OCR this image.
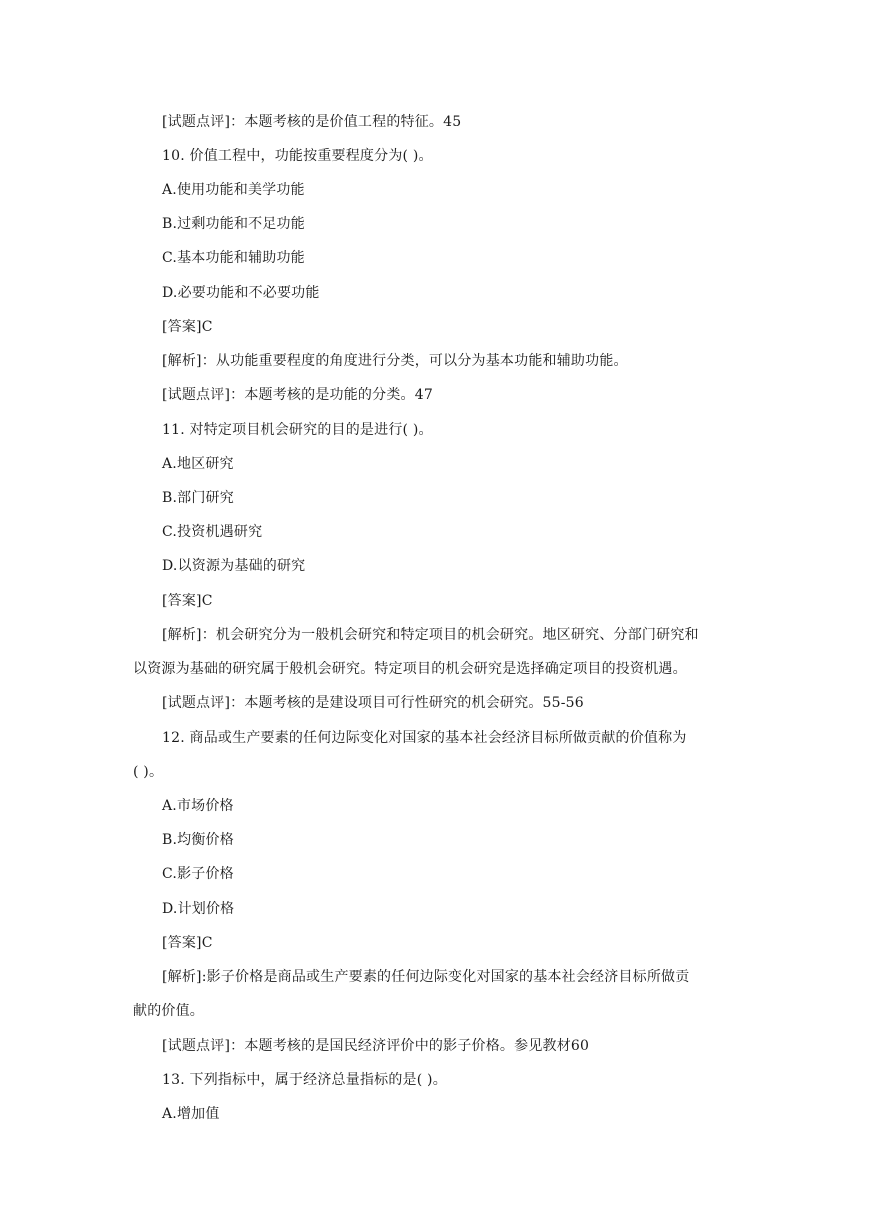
[试题点评]：本题考核的是价值工程的特征。45
10. 价值工程中，功能按重要程度分为( )。
A.使用功能和美学功能
B.过剩功能和不足功能
C.基本功能和辅助功能
D.必要功能和不必要功能
[答案]C
[解析]：从功能重要程度的角度进行分类，可以分为基本功能和辅助功能。
[试题点评]：本题考核的是功能的分类。47
11. 对特定项目机会研究的目的是进行( )。
A.地区研究
B.部门研究
C.投资机遇研究
D.以资源为基础的研究
[答案]C
[解析]：机会研究分为一般机会研究和特定项目的机会研究。地区研究、分部门研究和
以资源为基础的研究属于般机会研究。特定项目的机会研究是选择确定项目的投资机遇。
[试题点评]：本题考核的是建设项目可行性研究的机会研究。55-56
12. 商品或生产要素的任何边际变化对国家的基本社会经济目标所做贡献的价值称为
( )。
A.市场价格
B.均衡价格
C.影子价格
D.计划价格
[答案]C
[解析]:影子价格是商品或生产要素的任何边际变化对国家的基本社会经济目标所做贡
献的价值。
[试题点评]：本题考核的是国民经济评价中的影子价格。参见教材60
13. 下列指标中，属于经济总量指标的是( )。
A.增加值
